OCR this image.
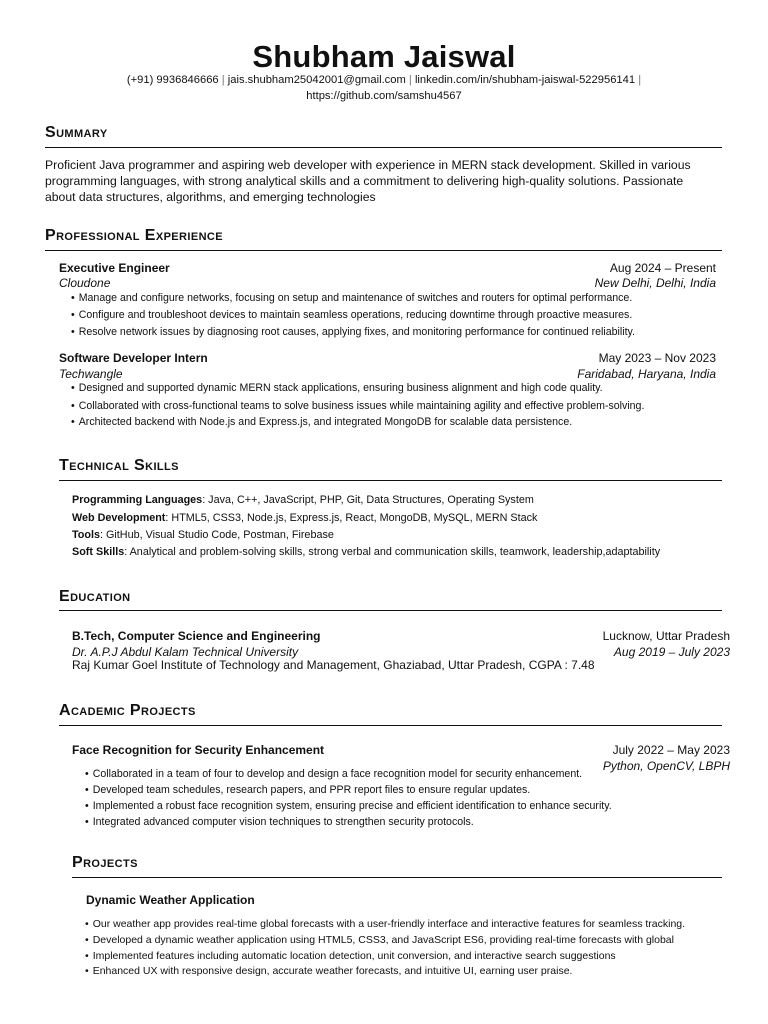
Shubham Jaiswal
(+91) 9936846666 | jais.shubham25042001@gmail.com | linkedin.com/in/shubham-jaiswal-522956141 |
https://github.com/samshu4567
Summary
Proficient Java programmer and aspiring web developer with experience in MERN stack development. Skilled in various
programming languages, with strong analytical skills and a commitment to delivering high-quality solutions. Passionate
about data structures, algorithms, and emerging technologies
Professional Experience
Executive Engineer	Aug 2024 – Present
Cloudone	New Delhi, Delhi, India
• Manage and configure networks, focusing on setup and maintenance of switches and routers for optimal performance.
• Configure and troubleshoot devices to maintain seamless operations, reducing downtime through proactive measures.
• Resolve network issues by diagnosing root causes, applying fixes, and monitoring performance for continued reliability.
Software Developer Intern	May 2023 – Nov 2023
Techwangle	Faridabad, Haryana, India
• Designed and supported dynamic MERN stack applications, ensuring business alignment and high code quality.
• Collaborated with cross-functional teams to solve business issues while maintaining agility and effective problem-solving.
• Architected backend with Node.js and Express.js, and integrated MongoDB for scalable data persistence.
Technical Skills
Programming Languages: Java, C++, JavaScript, PHP, Git, Data Structures, Operating System
Web Development: HTML5, CSS3, Node.js, Express.js, React, MongoDB, MySQL, MERN Stack
Tools: GitHub, Visual Studio Code, Postman, Firebase
Soft Skills: Analytical and problem-solving skills, strong verbal and communication skills, teamwork, leadership,adaptability
Education
B.Tech, Computer Science and Engineering	Lucknow, Uttar Pradesh
Dr. A.P.J Abdul Kalam Technical University	Aug 2019 – July 2023
Raj Kumar Goel Institute of Technology and Management, Ghaziabad, Uttar Pradesh, CGPA : 7.48
Academic Projects
Face Recognition for Security Enhancement	July 2022 – May 2023
Python, OpenCV, LBPH
• Collaborated in a team of four to develop and design a face recognition model for security enhancement.
• Developed team schedules, research papers, and PPR report files to ensure regular updates.
• Implemented a robust face recognition system, ensuring precise and efficient identification to enhance security.
• Integrated advanced computer vision techniques to strengthen security protocols.
Projects
Dynamic Weather Application
• Our weather app provides real-time global forecasts with a user-friendly interface and interactive features for seamless tracking.
• Developed a dynamic weather application using HTML5, CSS3, and JavaScript ES6, providing real-time forecasts with global
• Implemented features including automatic location detection, unit conversion, and interactive search suggestions
• Enhanced UX with responsive design, accurate weather forecasts, and intuitive UI, earning user praise.
